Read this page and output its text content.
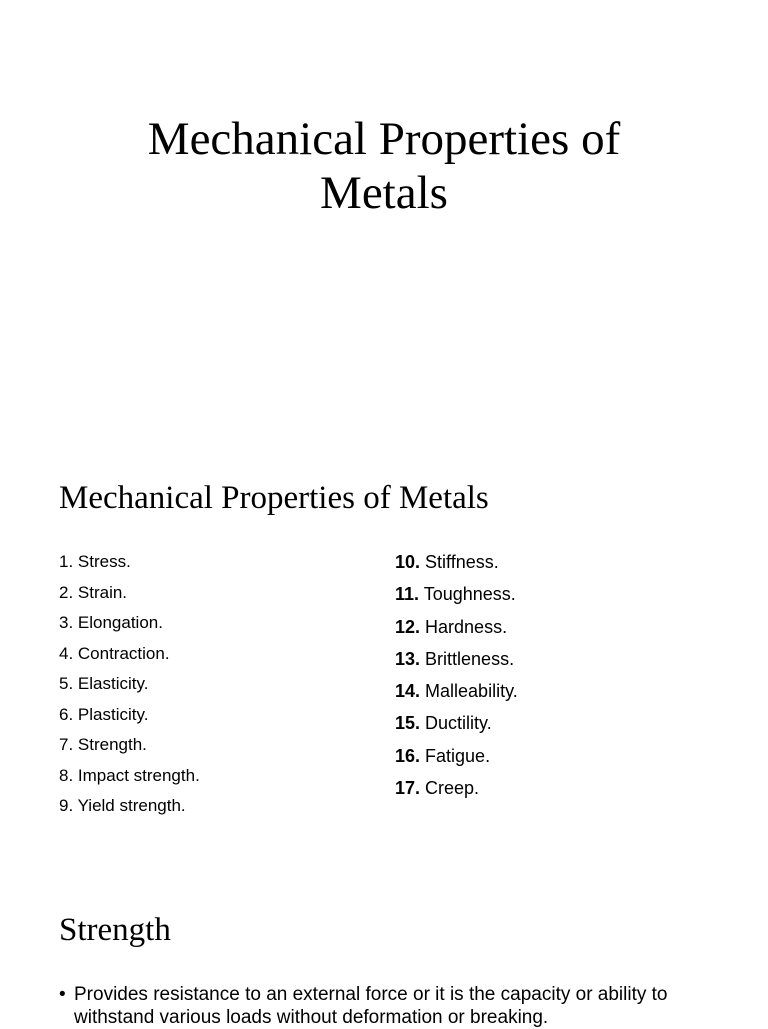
Mechanical Properties of
Metals
Mechanical Properties of Metals
1. Stress.
2. Strain.
3. Elongation.
4. Contraction.
5. Elasticity.
6. Plasticity.
7. Strength.
8. Impact strength.
9. Yield strength.
10. Stiffness.
11. Toughness.
12. Hardness.
13. Brittleness.
14. Malleability.
15. Ductility.
16. Fatigue.
17. Creep.
Strength
• Provides resistance to an external force or it is the capacity or ability to withstand various loads without deformation or breaking.
